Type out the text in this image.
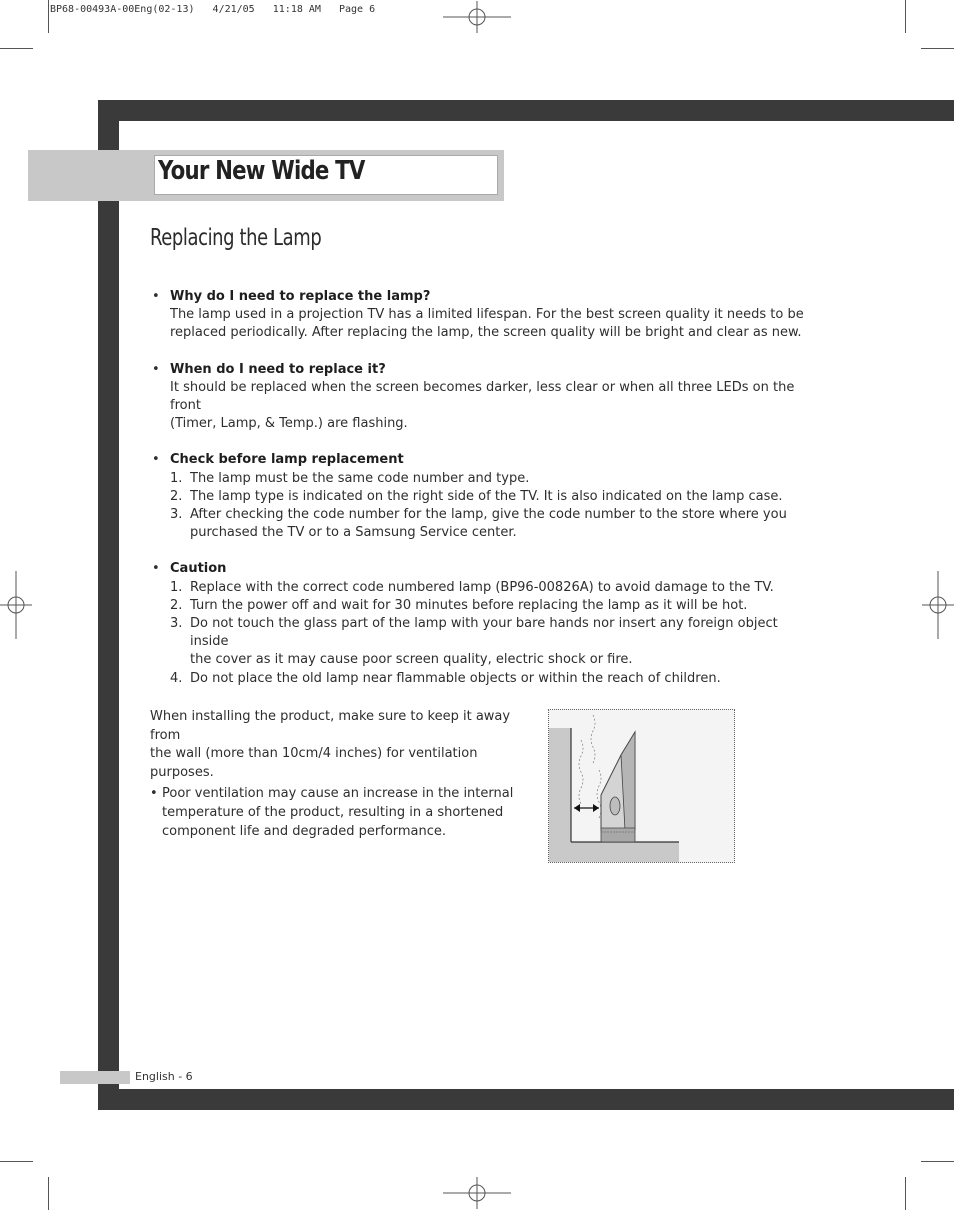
BP68-00493A-00Eng(02-13)   4/21/05   11:18 AM   Page 6
Your New Wide TV
Replacing the Lamp
• Why do I need to replace the lamp?
The lamp used in a projection TV has a limited lifespan. For the best screen quality it needs to be
replaced periodically. After replacing the lamp, the screen quality will be bright and clear as new.
• When do I need to replace it?
It should be replaced when the screen becomes darker, less clear or when all three LEDs on the front
(Timer, Lamp, & Temp.) are flashing.
• Check before lamp replacement
1. The lamp must be the same code number and type.
2. The lamp type is indicated on the right side of the TV. It is also indicated on the lamp case.
3. After checking the code number for the lamp, give the code number to the store where you
purchased the TV or to a Samsung Service center.
• Caution
1. Replace with the correct code numbered lamp (BP96-00826A) to avoid damage to the TV.
2. Turn the power off and wait for 30 minutes before replacing the lamp as it will be hot.
3. Do not touch the glass part of the lamp with your bare hands nor insert any foreign object inside
the cover as it may cause poor screen quality, electric shock or fire.
4. Do not place the old lamp near flammable objects or within the reach of children.
When installing the product, make sure to keep it away from
the wall (more than 10cm/4 inches) for ventilation purposes.
• Poor ventilation may cause an increase in the internal
temperature of the product, resulting in a shortened
component life and degraded performance.
English - 6
